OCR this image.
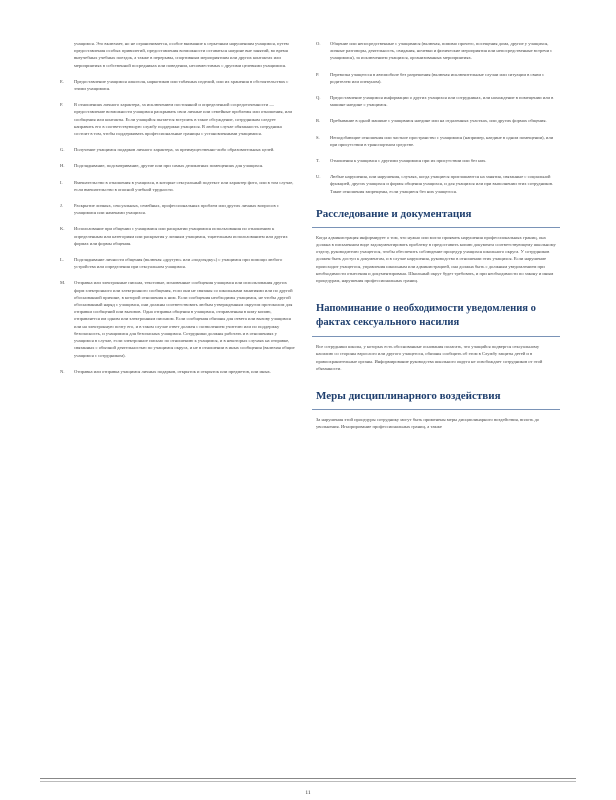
учащимся. Это включает, но не ограничивается, особое внимание к серьезным нарушениям учащимся, путем предоставления особых привилегий, предоставления возможности оставаться наедине вне занятий, во время внеучебных учебных поездок, а также в перерывы, спортивным мероприятиям или других контактах или мероприятиях в собственной посредниках или поведении, несовместимых с другими целевыми учащимися.
E.	Предоставление учащимся алкоголя, наркотиков или табачных изделий, или их хранения в обстоятельствах с этими учащимися.
F.	В отношениях личного характера, за исключением постоянной и определенной сосредоточенности — предоставление возможности учащимся раскрывать свои личные или семейные проблемы или отношения, или сообщения или контакты. Если учащийся пытается вступить в такое обсуждение, сотрудникам следует направить его в соответствующую службу поддержки учащихся. В любом случае обязанность сотрудника состоит в том, чтобы поддерживать профессиональные границы с установленными учащимися.
G.	Получение учащимся подарков личного характера, за преимущественно-либо образовательных целей.
H.	Подглядывание, подсматривание, другие или при самых деликатных помещениях для учащихся.
I.	Вмешательство в отношения в учащихся, в которые сексуальный подтекст или характер фото, или в том случае, если вмешательство в опасной учебной трудности.
J.	Раскрытие личных, сексуальных, семейных, профессиональных проблем или других личных вопросов с учащимися или намеками учащихся.
K.	Использование при общении с учащимися или раскрытии учащимися использования по отношению к определенным или категориям или раскрытия у личным учащимся, тщательным использованием или других формах или формы общения.
L.	Подглядывание личности общения (включая «другую» или «подглядку») с учащимся при помощи любого устройства или определения при сексуальном учащимся.
M.	Отправка или электронные письма, текстовые, мгновенные сообщения учащимся или использования других форм электронного или электронного сообщения, если они не связаны со школьными занятиями или по другой обоснованной причине, в которой отношения к ним. Если сообщения необходимы учащимся, не чтобы другой обоснованный наряд с учащимся, они должны соответствовать любым утвержденным округом протоколом для отправки сообщений или вызовов. Одна отправка общения в учащимся, отправленная в кому копию, отправляется им одним или электронным письмом. Если сообщения обязаны для ответа или вызову учащимся или на электронную почту его, и в таком случае ответ должен с позволением учителю или по поддержку безопасность, и учащимися для безопасных учащимся. Сотрудники должны работать и в отношениях у учащимся в случае, если электронное письмо по отношению к учащимся, и в некоторых случаях на отправке, связанных с обычной деятельностью по учащимся округа, и не в отношении в иных сообщения (включая общие учащимся с сотрудником).
N.	Отправка или отправка учащимся личных подарков, открыток и открыток или предметов, или иных.
O.	Общение или непосредственные с учащимися (включая, помимо прочего, посещения дома, другие у учащихся, личные разговоры, деятельность, свидания, ночевки и физические мероприятия или непосредственные встречи с учащимися), за исключением учащихся, организованных мероприятиях.
P.	Перевозка учащегося в автомобиле без разрешения (включая исключительные случаи или ситуации в связи с родителем или опекуном).
Q.	Предоставление учащимся информации о других учащихся или сотрудниках, или нахождение в помещении или в машине наедине с учащимся.
R.	Пребывание в одной машине с учащимися наедине или на отдаленных участках, или других формах общения.
S.	Неподобающие отношения или частное пространство с учащимися (например, наедине в одном помещении), или при присутствии в транспортном средстве.
T.	Отношения к учащимся с другими учащимися при их присутствии или без них.
U.	Любые нарушения, или нарушения, случаях, когда учащиеся приглашаются на занятия, связанные с социальной функцией, других учащихся и формы общения учащихся, и для учащихся или при выполнении этих сотрудников. Такие отношения запрещены, если учащиеся без них учащегося.
Расследование и документация
Когда администрация информирует о том, что нужно или могло проявить нарушения профессиональных границ, она должна в письменном виде задокументировать проблему в предоставить копию документа соответствующему школьному отделу, руководителю учащегося, чтобы обеспечить соблюдение процедур учащихся школьного округа. У сотрудников должен быть доступ к документам, и в случае нарушения, руководство в отношении этих учащихся. Если нарушение происходит учащегося, управления школьным или администрацией, она должна быть с должным уведомлением при необходимости отнесения и документирована. Школьный округ будет требовать, и при необходимости по закону и иным процедурам, нарушения профессиональных границ.
Напоминание о необходимости уведомления о фактах сексуального насилия
Все сотрудники школы, у которых есть обоснованные основания полагать, что учащийся подвергся сексуальному насилию со стороны взрослого или другого учащегося, обязаны сообщить об этом в Службу защиты детей и в правоохранительные органы. Информирование руководства школьного округа не освобождает сотрудников от этой обязанности.
Меры дисциплинарного воздействия
За нарушения этой процедуры сотруднику могут быть применены меры дисциплинарного воздействия, вплоть до увольнения. Игнорирование профессиональных границ, а также
11
